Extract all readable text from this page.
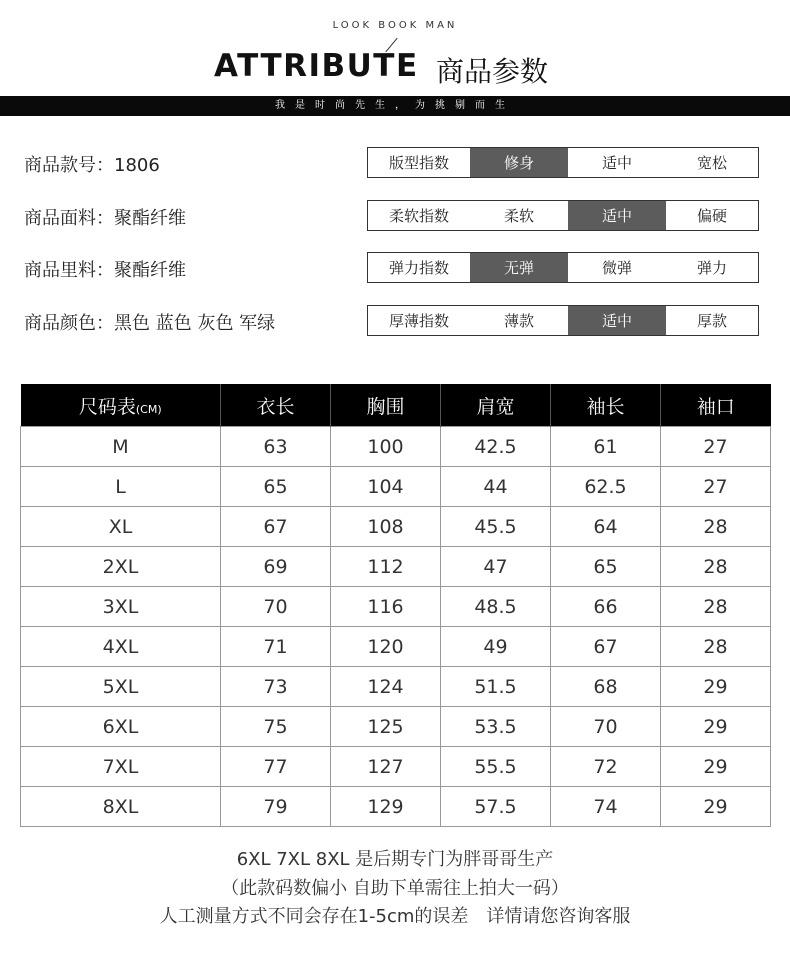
LOOK BOOK MAN
ATTRIBUTE 商品参数
我是时尚先生，为挑剔而生
商品款号：1806
商品面料：聚酯纤维
商品里料：聚酯纤维
商品颜色：黑色 蓝色 灰色 军绿
版型指数	修身	适中	宽松
柔软指数	柔软	适中	偏硬
弹力指数	无弹	微弹	弹力
厚薄指数	薄款	适中	厚款
尺码表(CM)	衣长	胸围	肩宽	袖长	袖口
M	63	100	42.5	61	27
L	65	104	44	62.5	27
XL	67	108	45.5	64	28
2XL	69	112	47	65	28
3XL	70	116	48.5	66	28
4XL	71	120	49	67	28
5XL	73	124	51.5	68	29
6XL	75	125	53.5	70	29
7XL	77	127	55.5	72	29
8XL	79	129	57.5	74	29
6XL 7XL 8XL 是后期专门为胖哥哥生产
（此款码数偏小 自助下单需往上拍大一码）
人工测量方式不同会存在1-5cm的误差　详情请您咨询客服
